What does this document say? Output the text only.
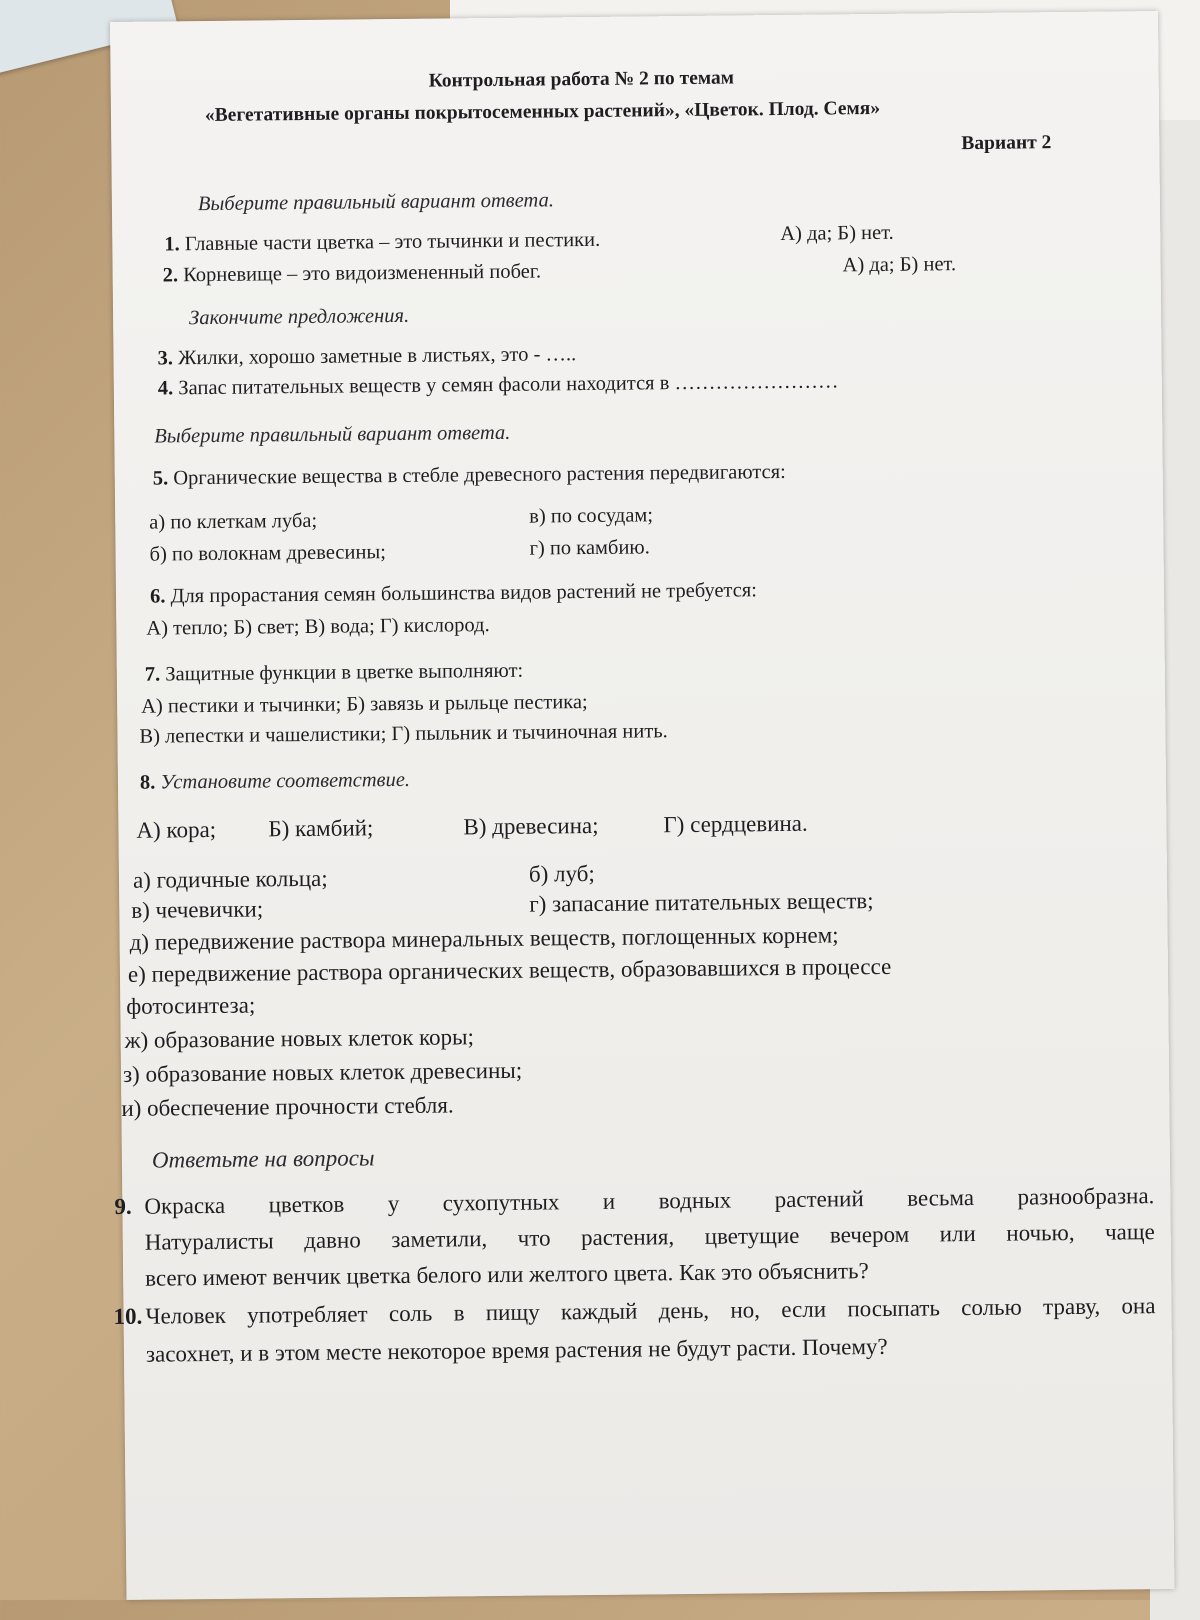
Контрольная работа № 2 по темам
«Вегетативные органы покрытосеменных растений», «Цветок. Плод. Семя»
Вариант 2
Выберите правильный вариант ответа.
1. Главные части цветка – это тычинки и пестики.	А) да; Б) нет.
2. Корневище – это видоизмененный побег.	А) да; Б) нет.
Закончите предложения.
3. Жилки, хорошо заметные в листьях, это - …..
4. Запас питательных веществ у семян фасоли находится в ……………………
Выберите правильный вариант ответа.
5. Органические вещества в стебле древесного растения передвигаются:
а) по клеткам луба;	в) по сосудам;
б) по волокнам древесины;	г) по камбию.
6. Для прорастания семян большинства видов растений не требуется:
А) тепло; Б) свет; В) вода; Г) кислород.
7. Защитные функции в цветке выполняют:
А) пестики и тычинки; Б) завязь и рыльце пестика;
В) лепестки и чашелистики; Г) пыльник и тычиночная нить.
8. Установите соответствие.
А) кора; Б) камбий;	В) древесина;	Г) сердцевина.
а) годичные кольца;	б) луб;
в) чечевички;	г) запасание питательных веществ;
д) передвижение раствора минеральных веществ, поглощенных корнем;
е) передвижение раствора органических веществ, образовавшихся в процессе
фотосинтеза;
ж) образование новых клеток коры;
з) образование новых клеток древесины;
и) обеспечение прочности стебля.
Ответьте на вопросы
9. Окраска цветков у сухопутных и водных растений весьма разнообразна.
Натуралисты давно заметили, что растения, цветущие вечером или ночью, чаще
всего имеют венчик цветка белого или желтого цвета. Как это объяснить?
10. Человек употребляет соль в пищу каждый день, но, если посыпать солью траву, она
засохнет, и в этом месте некоторое время растения не будут расти. Почему?
